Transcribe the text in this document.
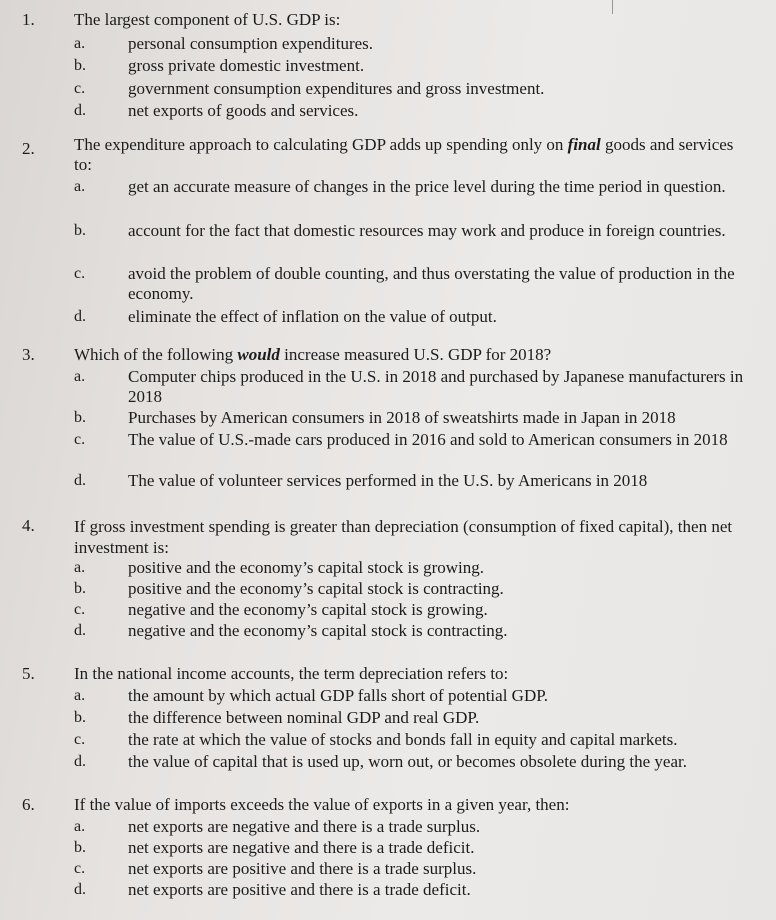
1. The largest component of U.S. GDP is:
a.	personal consumption expenditures.
b. gross private domestic investment.
c.	government consumption expenditures and gross investment.
d. net exports of goods and services.
2. The expenditure approach to calculating GDP adds up spending only on final goods and services to:
a.	get an accurate measure of changes in the price level during the time period in question.
b. account for the fact that domestic resources may work and produce in foreign countries.
c.	avoid the problem of double counting, and thus overstating the value of production in the economy.
d. eliminate the effect of inflation on the value of output.
3. Which of the following would increase measured U.S. GDP for 2018?
a.	Computer chips produced in the U.S. in 2018 and purchased by Japanese manufacturers in 2018
b. Purchases by American consumers in 2018 of sweatshirts made in Japan in 2018
c.	The value of U.S.-made cars produced in 2016 and sold to American consumers in 2018
d. The value of volunteer services performed in the U.S. by Americans in 2018
4. If gross investment spending is greater than depreciation (consumption of fixed capital), then net investment is:
a.	positive and the economy’s capital stock is growing.
b. positive and the economy’s capital stock is contracting.
c.	negative and the economy’s capital stock is growing.
d. negative and the economy’s capital stock is contracting.
5. In the national income accounts, the term depreciation refers to:
a.	the amount by which actual GDP falls short of potential GDP.
b. the difference between nominal GDP and real GDP.
c.	the rate at which the value of stocks and bonds fall in equity and capital markets.
d. the value of capital that is used up, worn out, or becomes obsolete during the year.
6. If the value of imports exceeds the value of exports in a given year, then:
a.	net exports are negative and there is a trade surplus.
b. net exports are negative and there is a trade deficit.
c.	net exports are positive and there is a trade surplus.
d. net exports are positive and there is a trade deficit.
